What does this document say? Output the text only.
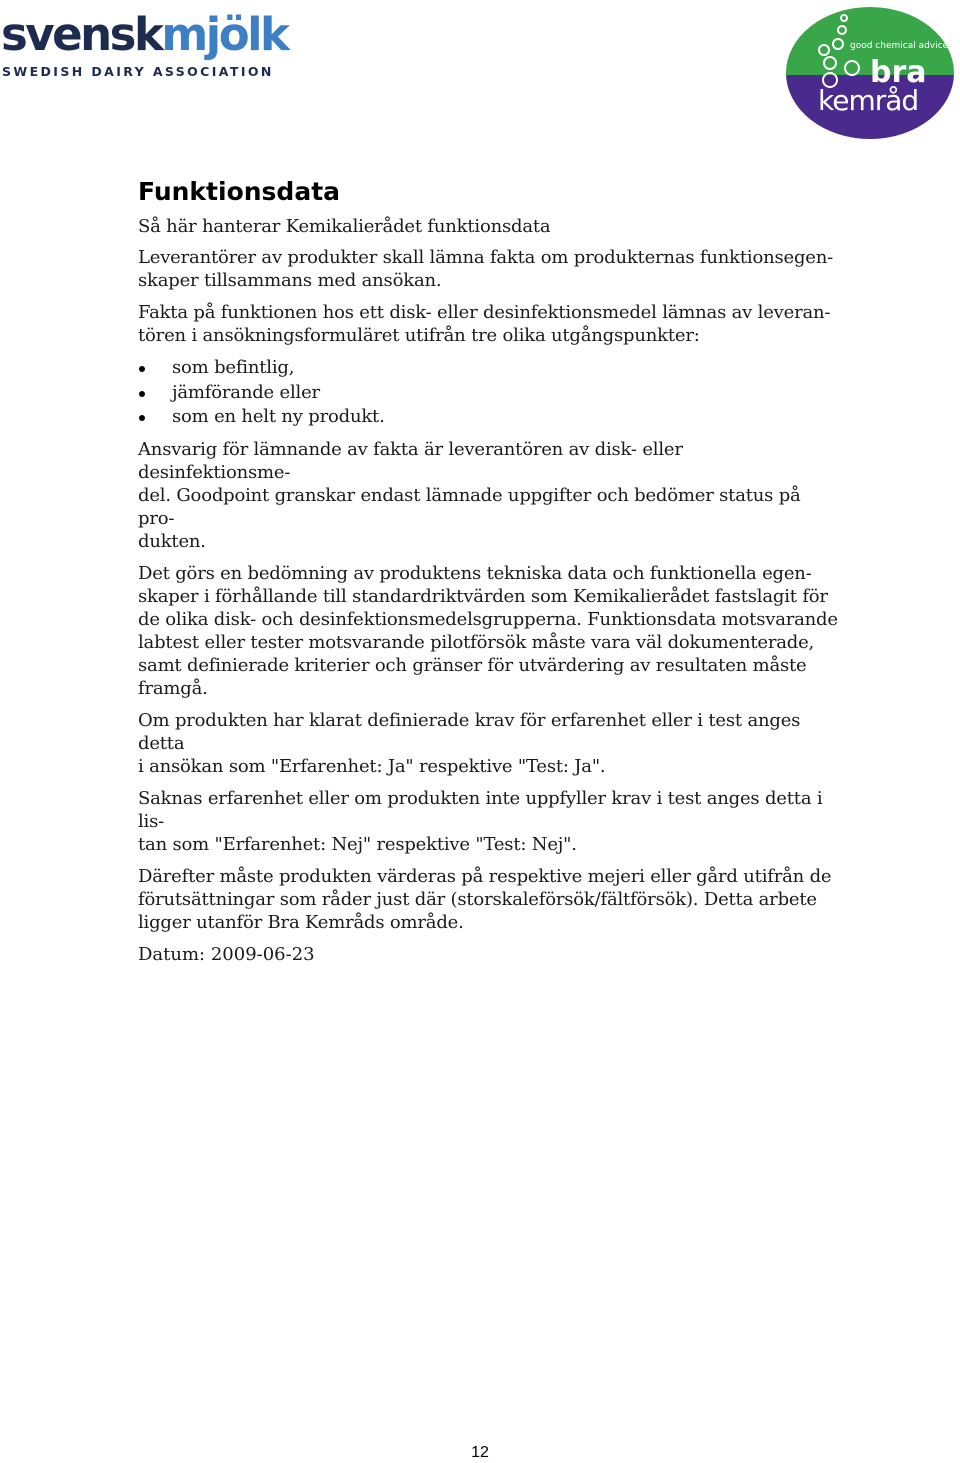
svenskmjölk
SWEDISH DAIRY ASSOCIATION
good chemical advice
bra
kemråd
Funktionsdata

Så här hanterar Kemikalierådet funktionsdata

Leverantörer av produkter skall lämna fakta om produkternas funktionsegen-
skaper tillsammans med ansökan.

Fakta på funktionen hos ett disk- eller desinfektionsmedel lämnas av leveran-
tören i ansökningsformuläret utifrån tre olika utgångspunkter:

som befintlig,
jämförande eller
som en helt ny produkt.

Ansvarig för lämnande av fakta är leverantören av disk- eller desinfektionsme-
del. Goodpoint granskar endast lämnade uppgifter och bedömer status på pro-
dukten.

Det görs en bedömning av produktens tekniska data och funktionella egen-
skaper i förhållande till standardriktvärden som Kemikalierådet fastslagit för
de olika disk- och desinfektionsmedelsgrupperna. Funktionsdata motsvarande
labtest eller tester motsvarande pilotförsök måste vara väl dokumenterade,
samt definierade kriterier och gränser för utvärdering av resultaten måste
framgå.

Om produkten har klarat definierade krav för erfarenhet eller i test anges detta
i ansökan som "Erfarenhet: Ja" respektive "Test: Ja".

Saknas erfarenhet eller om produkten inte uppfyller krav i test anges detta i lis-
tan som "Erfarenhet: Nej" respektive "Test: Nej".

Därefter måste produkten värderas på respektive mejeri eller gård utifrån de
förutsättningar som råder just där (storskaleförsök/fältförsök). Detta arbete
ligger utanför Bra Kemråds område.

Datum: 2009-06-23

12
